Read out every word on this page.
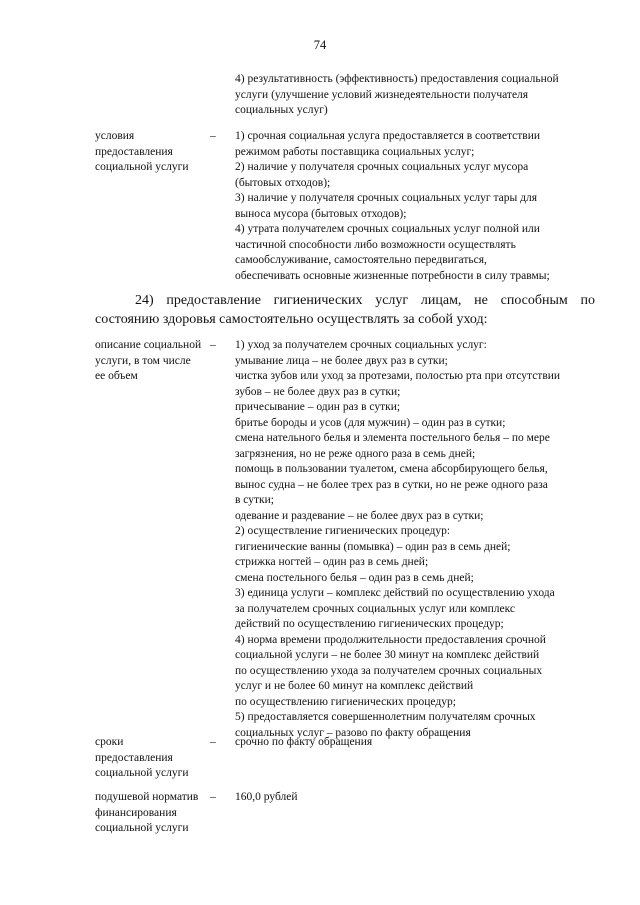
74
4) результативность (эффективность) предоставления социальной
услуги (улучшение условий жизнедеятельности получателя
социальных услуг)
условия
предоставления
социальной услуги
–	1) срочная социальная услуга предоставляется в соответствии
режимом работы поставщика социальных услуг;
2) наличие у получателя срочных социальных услуг мусора
(бытовых отходов);
3) наличие у получателя срочных социальных услуг тары для
выноса мусора (бытовых отходов);
4) утрата получателем срочных социальных услуг полной или
частичной способности либо возможности осуществлять
самообслуживание, самостоятельно передвигаться,
обеспечивать основные жизненные потребности в силу травмы;
24) предоставление гигиенических услуг лицам, не способным по
состоянию здоровья самостоятельно осуществлять за собой уход:
описание социальной
услуги, в том числе
ее объем
–	1) уход за получателем срочных социальных услуг:
умывание лица – не более двух раз в сутки;
чистка зубов или уход за протезами, полостью рта при отсутствии
зубов – не более двух раз в сутки;
причесывание – один раз в сутки;
бритье бороды и усов (для мужчин) – один раз в сутки;
смена нательного белья и элемента постельного белья – по мере
загрязнения, но не реже одного раза в семь дней;
помощь в пользовании туалетом, смена абсорбирующего белья,
вынос судна – не более трех раз в сутки, но не реже одного раза
в сутки;
одевание и раздевание – не более двух раз в сутки;
2) осуществление гигиенических процедур:
гигиенические ванны (помывка) – один раз в семь дней;
стрижка ногтей – один раз в семь дней;
смена постельного белья – один раз в семь дней;
3) единица услуги – комплекс действий по осуществлению ухода
за получателем срочных социальных услуг или комплекс
действий по осуществлению гигиенических процедур;
4) норма времени продолжительности предоставления срочной
социальной услуги – не более 30 минут на комплекс действий
по осуществлению ухода за получателем срочных социальных
услуг и не более 60 минут на комплекс действий
по осуществлению гигиенических процедур;
5) предоставляется совершеннолетним получателям срочных
социальных услуг – разово по факту обращения
сроки
предоставления
социальной услуги
–	срочно по факту обращения
подушевой норматив
финансирования
социальной услуги
–	160,0 рублей
